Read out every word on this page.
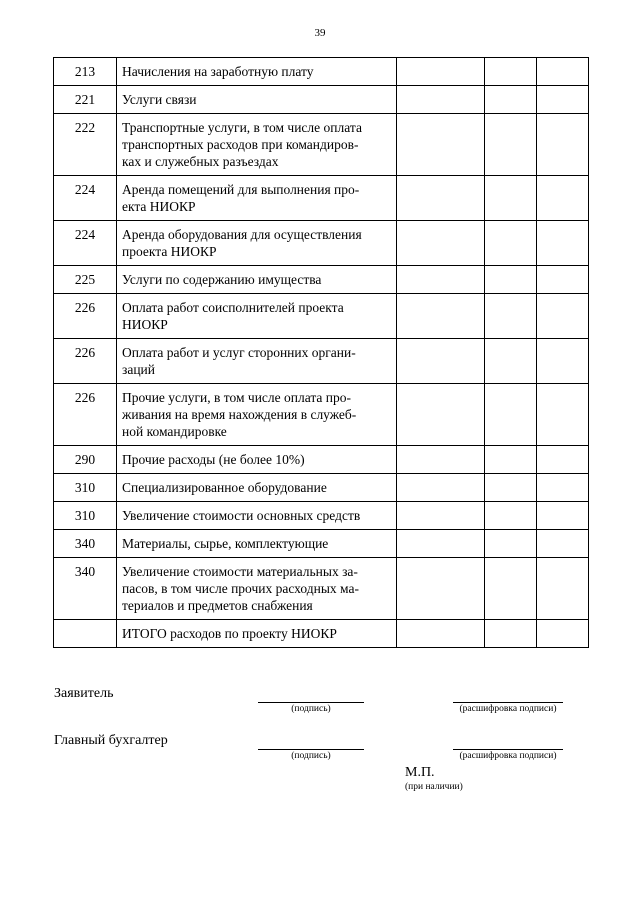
39
213	Начисления на заработную плату			
221	Услуги связи			
222	Транспортные услуги, в том числе оплата
транспортных расходов при командиров-
ках и служебных разъездах			
224	Аренда помещений для выполнения про-
екта НИОКР			
224	Аренда оборудования для осуществления
проекта НИОКР			
225	Услуги по содержанию имущества			
226	Оплата работ соисполнителей проекта
НИОКР			
226	Оплата работ и услуг сторонних органи-
заций			
226	Прочие услуги, в том числе оплата про-
живания на время нахождения в служеб-
ной командировке			
290	Прочие расходы (не более 10%)			
310	Специализированное оборудование			
310	Увеличение стоимости основных средств			
340	Материалы, сырье, комплектующие			
340	Увеличение стоимости материальных за-
пасов, в том числе прочих расходных ма-
териалов и предметов снабжения			
	ИТОГО расходов по проекту НИОКР			
Заявитель
(подпись)	(расшифровка подписи)
Главный бухгалтер
(подпись)	(расшифровка подписи)
М.П.
(при наличии)
